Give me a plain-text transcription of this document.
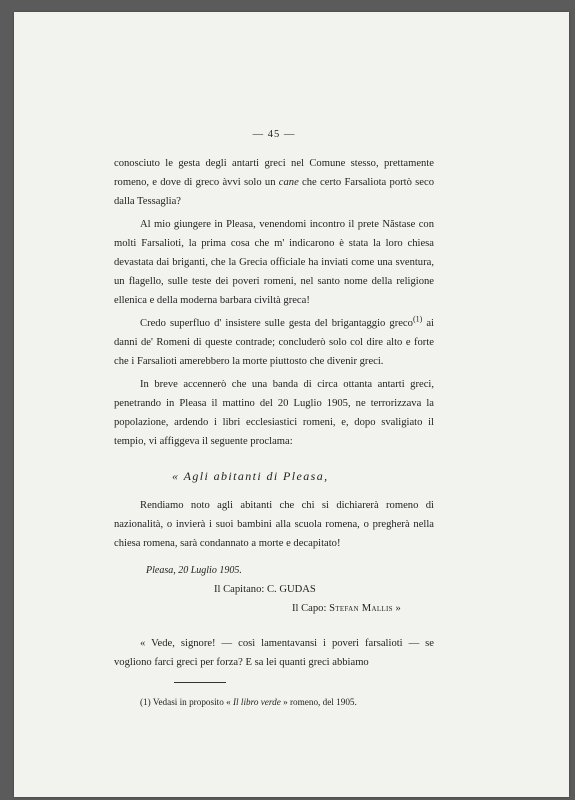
— 45 —

conosciuto le gesta degli antarti greci nel Comune stesso, prettamente romeno, e dove di greco àvvi solo un cane che certo Farsaliota portò seco dalla Tessaglia?

Al mio giungere in Pleasa, venendomi incontro il prete Năstase con molti Farsalioti, la prima cosa che m' indicarono è stata la loro chiesa devastata dai briganti, che la Grecia officiale ha inviati come una sventura, un flagello, sulle teste dei poveri romeni, nel santo nome della religione ellenica e della moderna barbara civiltà greca!

Credo superfluo d' insistere sulle gesta del brigantaggio greco$^{(1)}$ ai danni de' Romeni di queste contrade; concluderò solo col dire alto e forte che i Farsalioti amerebbero la morte piuttosto che divenir greci.

In breve accennerò che una banda di circa ottanta antarti greci, penetrando in Pleasa il mattino del 20 Luglio 1905, ne terrorizzava la popolazione, ardendo i libri ecclesiastici romeni, e, dopo svaligiato il tempio, vi affiggeva il seguente proclama:

« Agli abitanti di Pleasa,

Rendiamo noto agli abitanti che chi si dichiarerà romeno di nazionalità, o invierà i suoi bambini alla scuola romena, o pregherà nella chiesa romena, sarà condannato a morte e decapitato!

Pleasa, 20 Luglio 1905.
Il Capitano: C. GUDAS
Il Capo: Stefan Mallis »

« Vede, signore! — così lamentavansi i poveri farsalioti — se vogliono farci greci per forza? E sa lei quanti greci abbiamo

(1) Vedasi in proposito « Il libro verde » romeno, del 1905.
